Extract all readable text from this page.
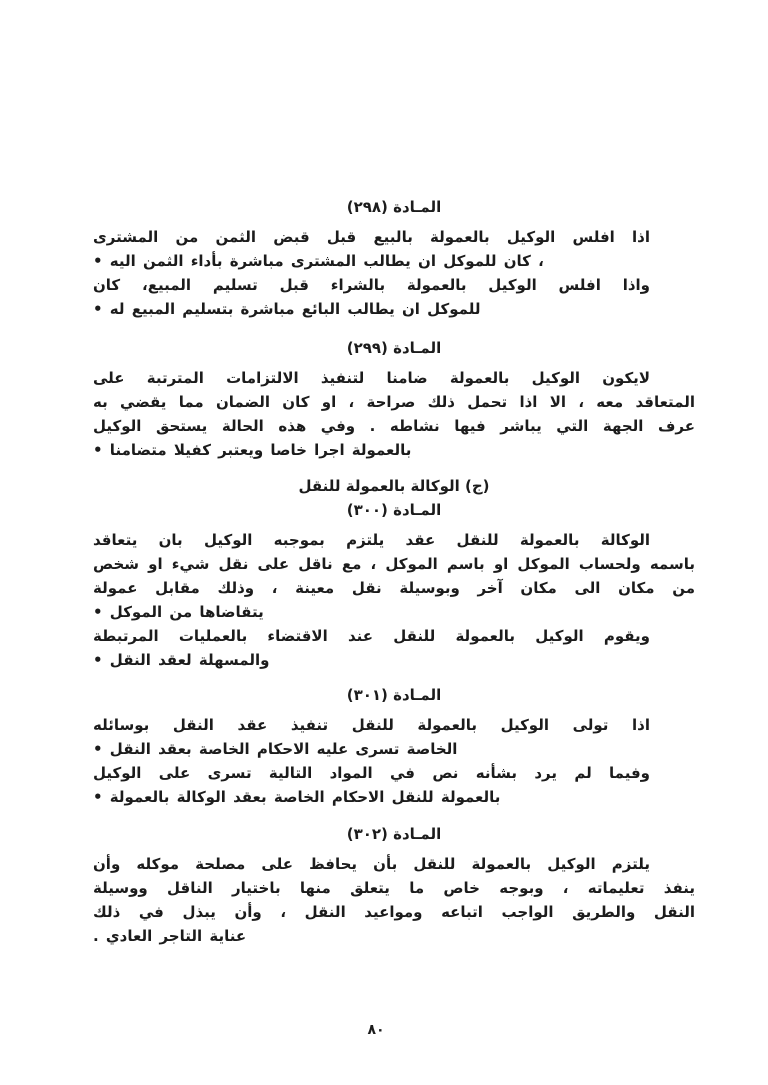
المـادة (٢٩٨)
اذا افلس الوكيل بالعمولة بالبيع قبل قبض الثمن من المشترى
، كان للموكل ان يطالب المشترى مباشرة بأداء الثمن اليه •
واذا افلس الوكيل بالعمولة بالشراء قبل تسليم المبيع، كان
للموكل ان يطالب البائع مباشرة بتسليم المبيع له •
المـادة (٢٩٩)
لايكون الوكيل بالعمولة ضامنا لتنفيذ الالتزامات المترتبة على
المتعاقد معه ، الا اذا تحمل ذلك صراحة ، او كان الضمان مما يقضي به
عرف الجهة التي يباشر فيها نشاطه . وفي هذه الحالة يستحق الوكيل
بالعمولة اجرا خاصا ويعتبر كفيلا متضامنا •
(ج) الوكالة بالعمولة للنقل
المـادة (٣٠٠)
الوكالة بالعمولة للنقل عقد يلتزم بموجبه الوكيل بان يتعاقد
باسمه ولحساب الموكل او باسم الموكل ، مع ناقل على نقل شيء او شخص
من مكان الى مكان آخر وبوسيلة نقل معينة ، وذلك مقابل عمولة
يتقاضاها من الموكل •
ويقوم الوكيل بالعمولة للنقل عند الاقتضاء بالعمليات المرتبطة
والمسهلة لعقد النقل •
المـادة (٣٠١)
اذا تولى الوكيل بالعمولة للنقل تنفيذ عقد النقل بوسائله
الخاصة تسرى عليه الاحكام الخاصة بعقد النقل •
وفيما لم يرد بشأنه نص في المواد التالية تسرى على الوكيل
بالعمولة للنقل الاحكام الخاصة بعقد الوكالة بالعمولة •
المـادة (٣٠٢)
يلتزم الوكيل بالعمولة للنقل بأن يحافظ على مصلحة موكله وأن
ينفذ تعليماته ، وبوجه خاص ما يتعلق منها باختيار الناقل ووسيلة
النقل والطريق الواجب اتباعه ومواعيد النقل ، وأن يبذل في ذلك
عناية التاجر العادي .
٨٠
